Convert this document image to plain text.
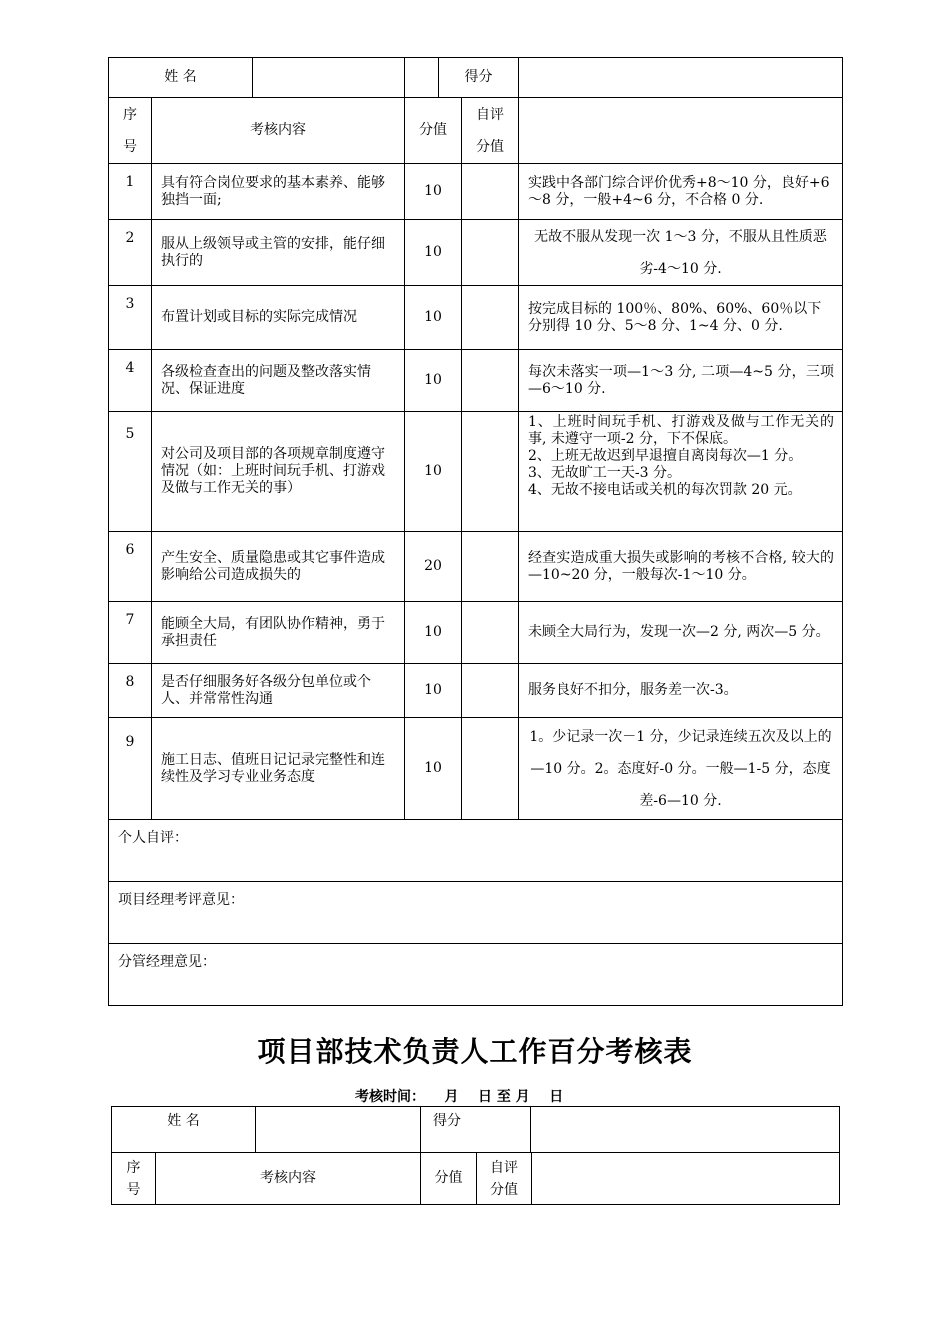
姓 名		得分		

序号	考核内容	分值	自评分值	
1	具有符合岗位要求的基本素养、能够独挡一面;	10		实践中各部门综合评价优秀+8～10 分，良好+6～8 分，一般+4~6 分，不合格 0 分.
2	服从上级领导或主管的安排，能仔细执行的	10		无故不服从发现一次 1～3 分，不服从且性质恶劣-4～10 分.
3	布置计划或目标的实际完成情况	10		按完成目标的 100％、80%、60%、60％以下分别得 10 分、5～8 分、1~4 分、0 分.
4	各级检查查出的问题及整改落实情况、保证进度	10		每次未落实一项—1～3 分, 二项—4~5 分，三项—6～10 分.
5	对公司及项目部的各项规章制度遵守情况（如：上班时间玩手机、打游戏及做与工作无关的事）	10		1、上班时间玩手机、打游戏及做与工作无关的事, 未遵守一项-2 分，下不保底。
2、上班无故迟到早退擅自离岗每次—1 分。
3、无故旷工一天-3 分。
4、无故不接电话或关机的每次罚款 20 元。

6	产生安全、质量隐患或其它事件造成影响给公司造成损失的	20		经查实造成重大损失或影响的考核不合格, 较大的—10~20 分，一般每次-1～10 分。
7	能顾全大局，有团队协作精神，勇于承担责任	10		未顾全大局行为，发现一次—2 分, 两次—5 分。
8	是否仔细服务好各级分包单位或个人、并常常性沟通	10		服务良好不扣分，服务差一次-3。
9	施工日志、值班日记记录完整性和连续性及学习专业业务态度	10		1。少记录一次－1 分，少记录连续五次及以上的—10 分。2。态度好-0 分。一般—1-5 分，态度差-6—10 分.
个人自评：				
项目经理考评意见：				
分管经理意见：				
项目部技术负责人工作百分考核表
考核时间：    月    日 至 月    日
姓 名		得分	
序号	考核内容	分值	自评分值	
